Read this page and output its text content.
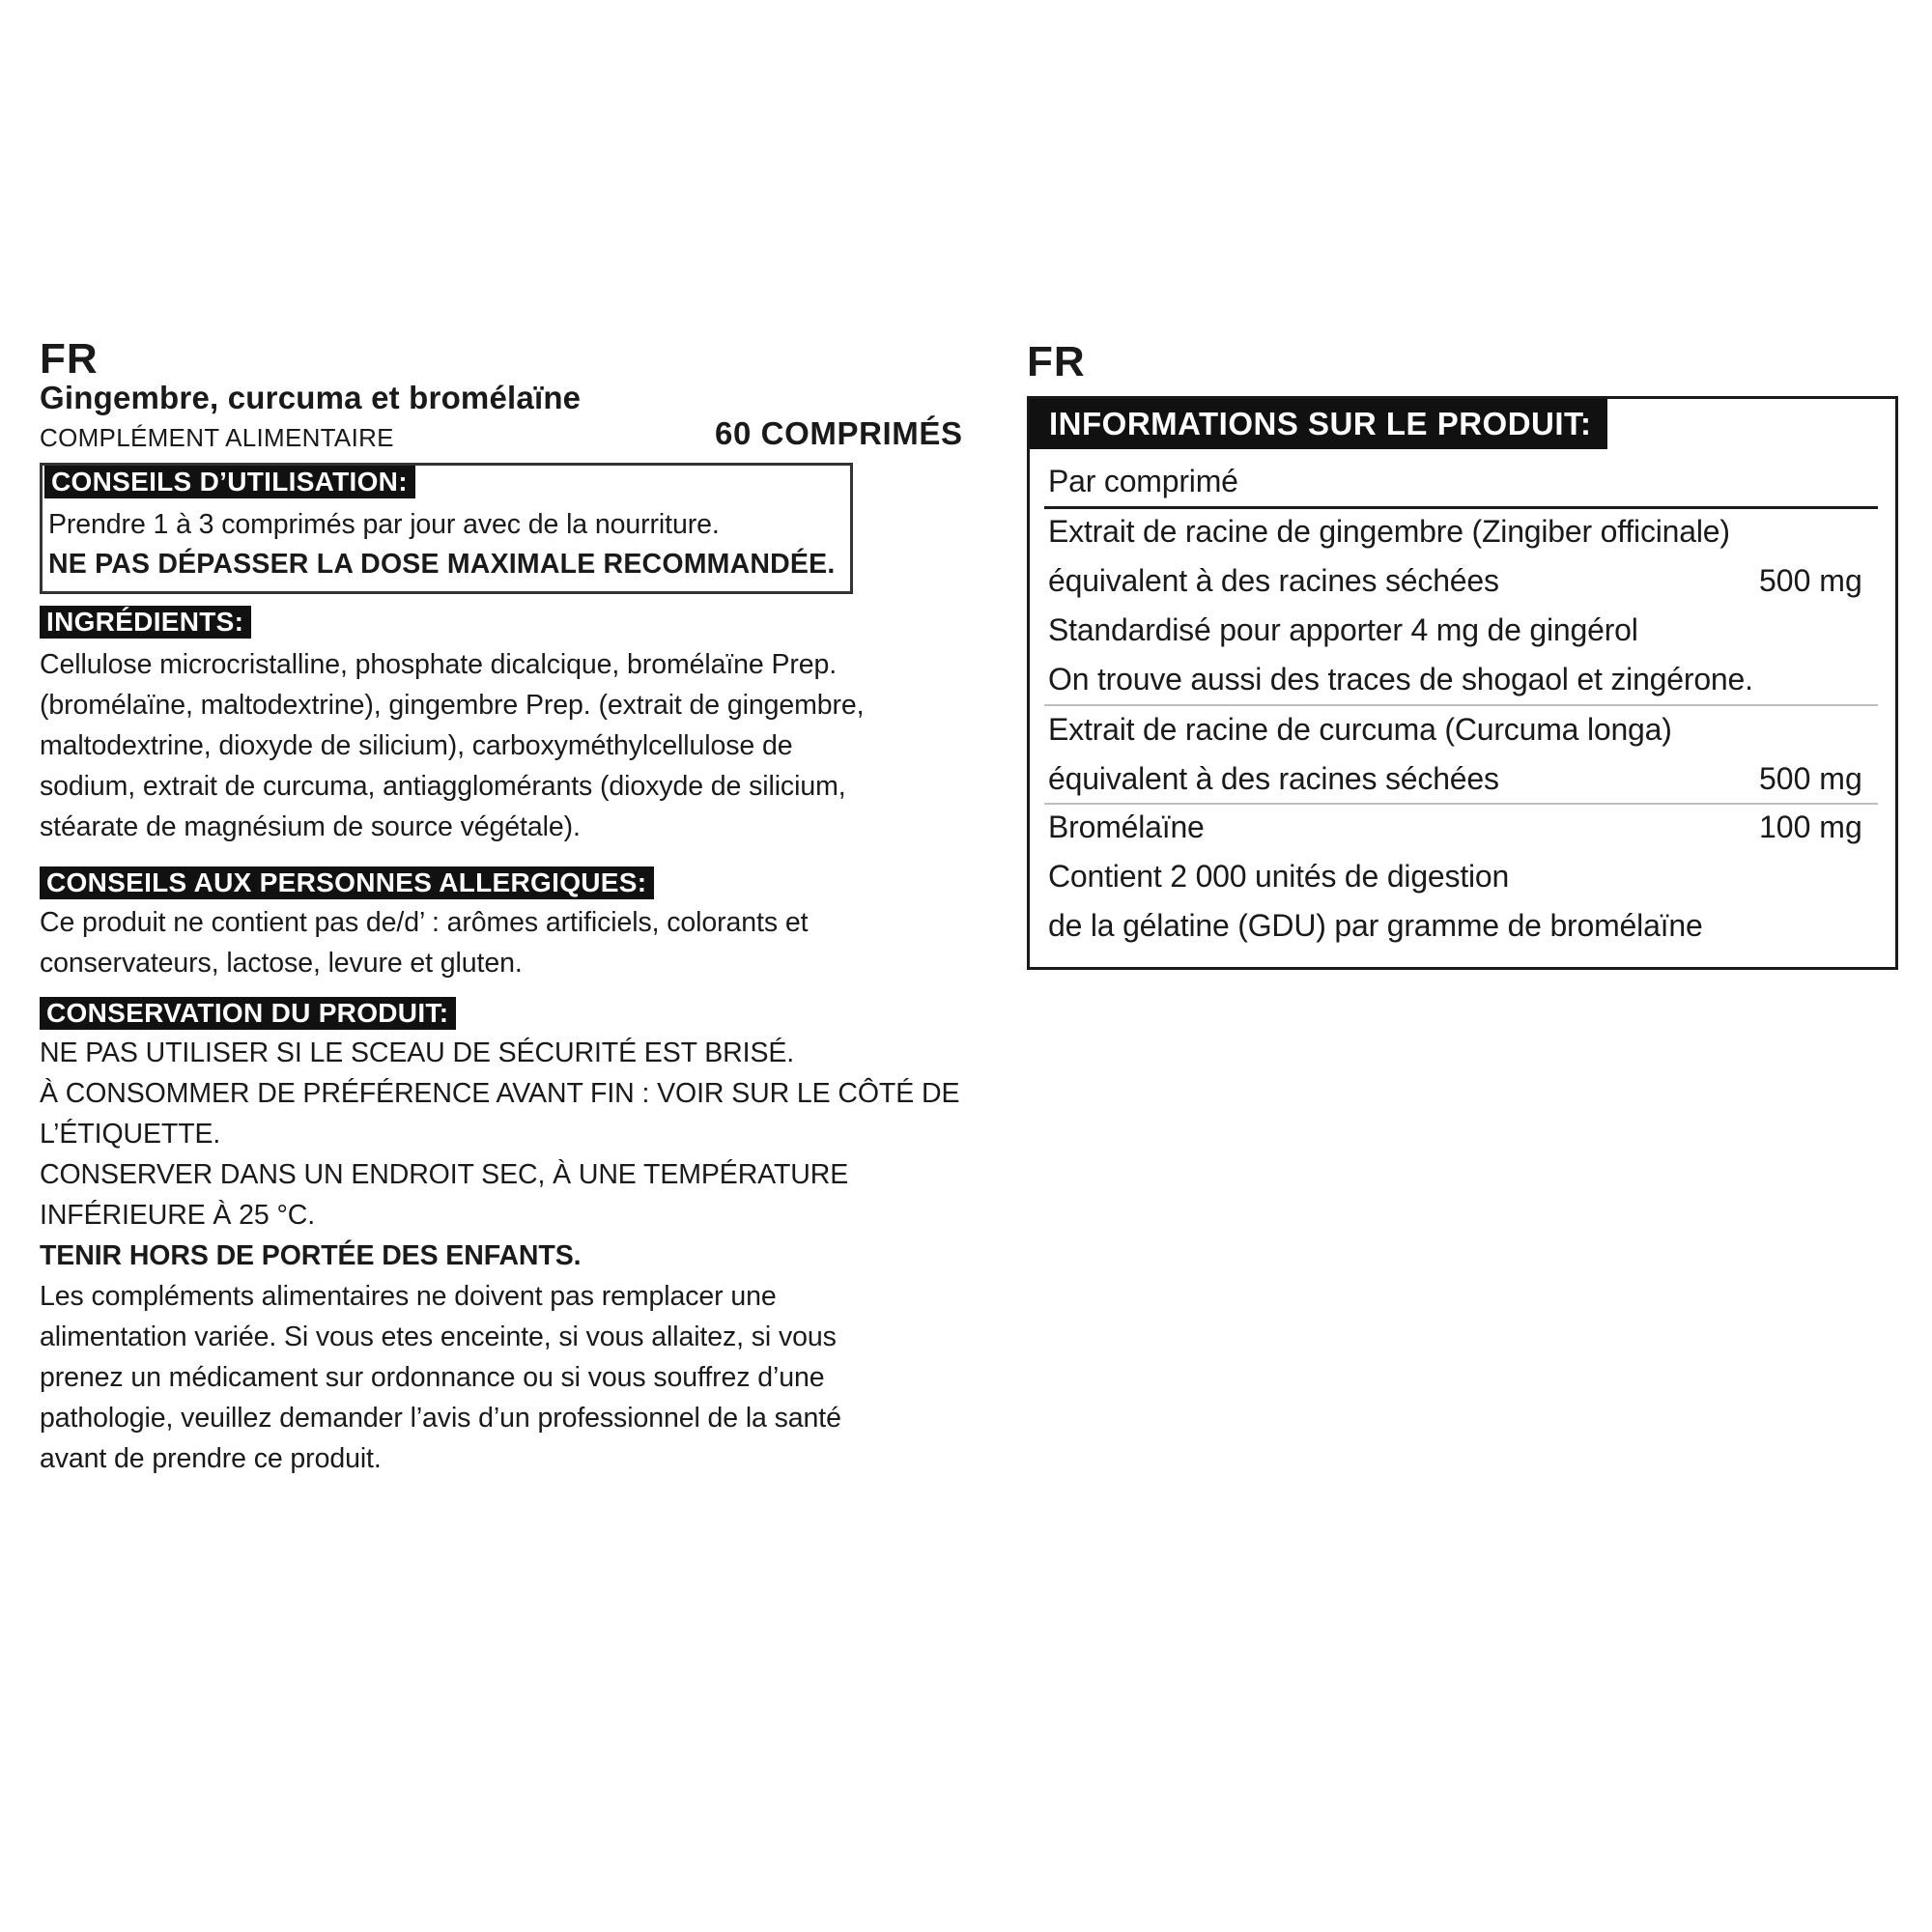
FR
Gingembre, curcuma et bromélaïne
COMPLÉMENT ALIMENTAIRE	60 COMPRIMÉS
CONSEILS D’UTILISATION:
Prendre 1 à 3 comprimés par jour avec de la nourriture.
NE PAS DÉPASSER LA DOSE MAXIMALE RECOMMANDÉE.
INGRÉDIENTS:
Cellulose microcristalline, phosphate dicalcique, bromélaïne Prep.
(bromélaïne, maltodextrine), gingembre Prep. (extrait de gingembre,
maltodextrine, dioxyde de silicium), carboxyméthylcellulose de
sodium, extrait de curcuma, antiagglomérants (dioxyde de silicium,
stéarate de magnésium de source végétale).
CONSEILS AUX PERSONNES ALLERGIQUES:
Ce produit ne contient pas de/d’ : arômes artificiels, colorants et
conservateurs, lactose, levure et gluten.
CONSERVATION DU PRODUIT:
NE PAS UTILISER SI LE SCEAU DE SÉCURITÉ EST BRISÉ.
À CONSOMMER DE PRÉFÉRENCE AVANT FIN : VOIR SUR LE CÔTÉ DE
L’ÉTIQUETTE.
CONSERVER DANS UN ENDROIT SEC, À UNE TEMPÉRATURE
INFÉRIEURE À 25 °C.
TENIR HORS DE PORTÉE DES ENFANTS.
Les compléments alimentaires ne doivent pas remplacer une
alimentation variée. Si vous etes enceinte, si vous allaitez, si vous
prenez un médicament sur ordonnance ou si vous souffrez d’une
pathologie, veuillez demander l’avis d’un professionnel de la santé
avant de prendre ce produit.
FR
INFORMATIONS SUR LE PRODUIT:
Par comprimé
Extrait de racine de gingembre (Zingiber officinale)
équivalent à des racines séchées	500 mg
Standardisé pour apporter 4 mg de gingérol
On trouve aussi des traces de shogaol et zingérone.
Extrait de racine de curcuma (Curcuma longa)
équivalent à des racines séchées	500 mg
Bromélaïne	100 mg
Contient 2 000 unités de digestion
de la gélatine (GDU) par gramme de bromélaïne
